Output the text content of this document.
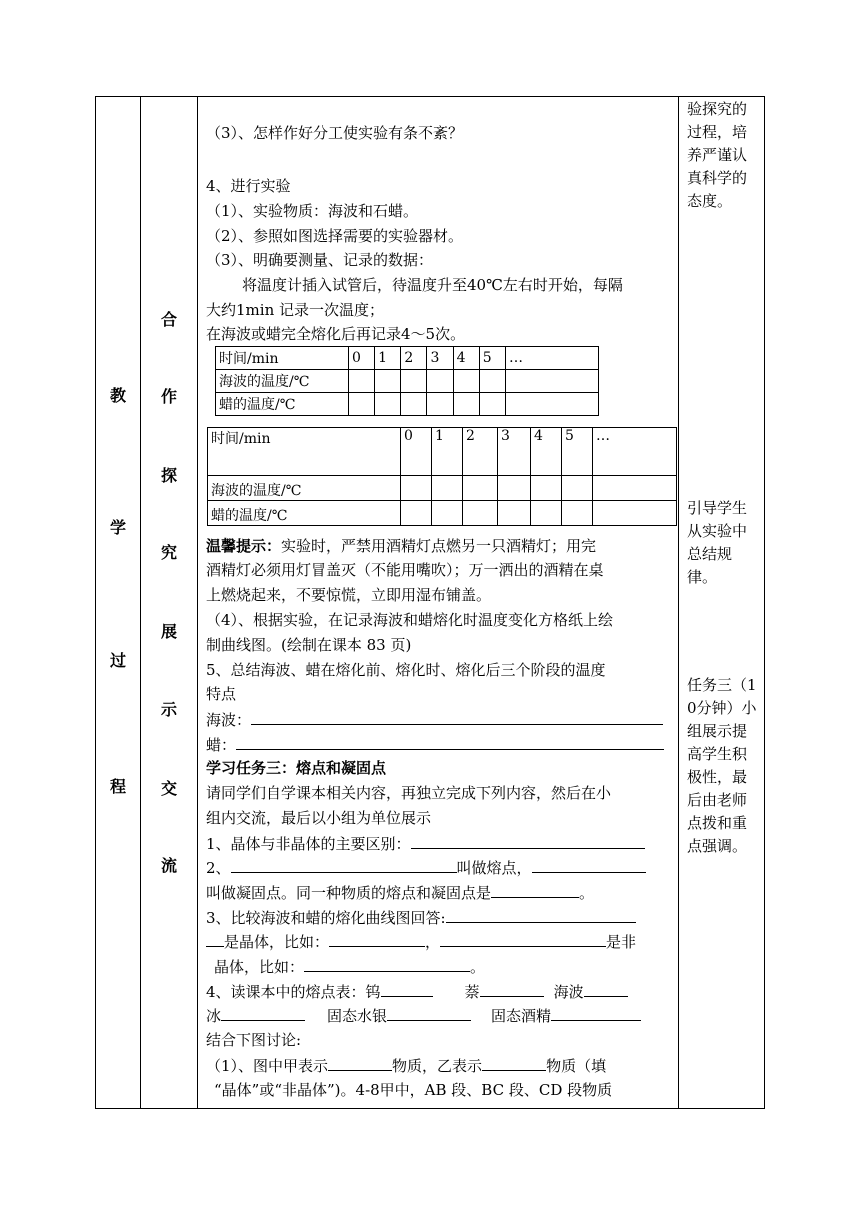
教
学
过
程
合
作
探
究
展
示
交
流
（3）、怎样作好分工使实验有条不紊？
4、进行实验
（1）、实验物质：海波和石蜡。
（2）、参照如图选择需要的实验器材。
（3）、明确要测量、记录的数据：
将温度计插入试管后，待温度升至40℃左右时开始，每隔
大约1min 记录一次温度；
在海波或蜡完全熔化后再记录4～5次。
时间/min	0	1	2	3	4	5	…
海波的温度/℃							
蜡的温度/℃							
时间/min	0	1	2	3	4	5	…
海波的温度/℃							
蜡的温度/℃							
温馨提示：实验时，严禁用酒精灯点燃另一只酒精灯；用完
酒精灯必须用灯冒盖灭（不能用嘴吹）；万一洒出的酒精在桌
上燃烧起来，不要惊慌，立即用湿布铺盖。
（4）、根据实验，在记录海波和蜡熔化时温度变化方格纸上绘
制曲线图。(绘制在课本 83 页)
5、总结海波、蜡在熔化前、熔化时、熔化后三个阶段的温度
特点
海波：
蜡：
学习任务三：熔点和凝固点
请同学们自学课本相关内容，再独立完成下列内容，然后在小
组内交流，最后以小组为单位展示
1、晶体与非晶体的主要区别：
2、	叫做熔点，
叫做凝固点。同一种物质的熔点和凝固点是	。
3、比较海波和蜡的熔化曲线图回答:
是晶体，比如：	，	是非
晶体，比如：	。
4、读课本中的熔点表：钨	萘	海波
冰	固态水银	固态酒精
结合下图讨论:
（1）、图中甲表示	物质，乙表示	物质（填
“晶体”或“非晶体”)。4-8甲中，AB 段、BC 段、CD 段物质

验探究的过程，培养严谨认真科学的态度。

引导学生从实验中总结规律。

任务三（10分钟）小组展示提高学生积极性，最后由老师点拨和重点强调。
